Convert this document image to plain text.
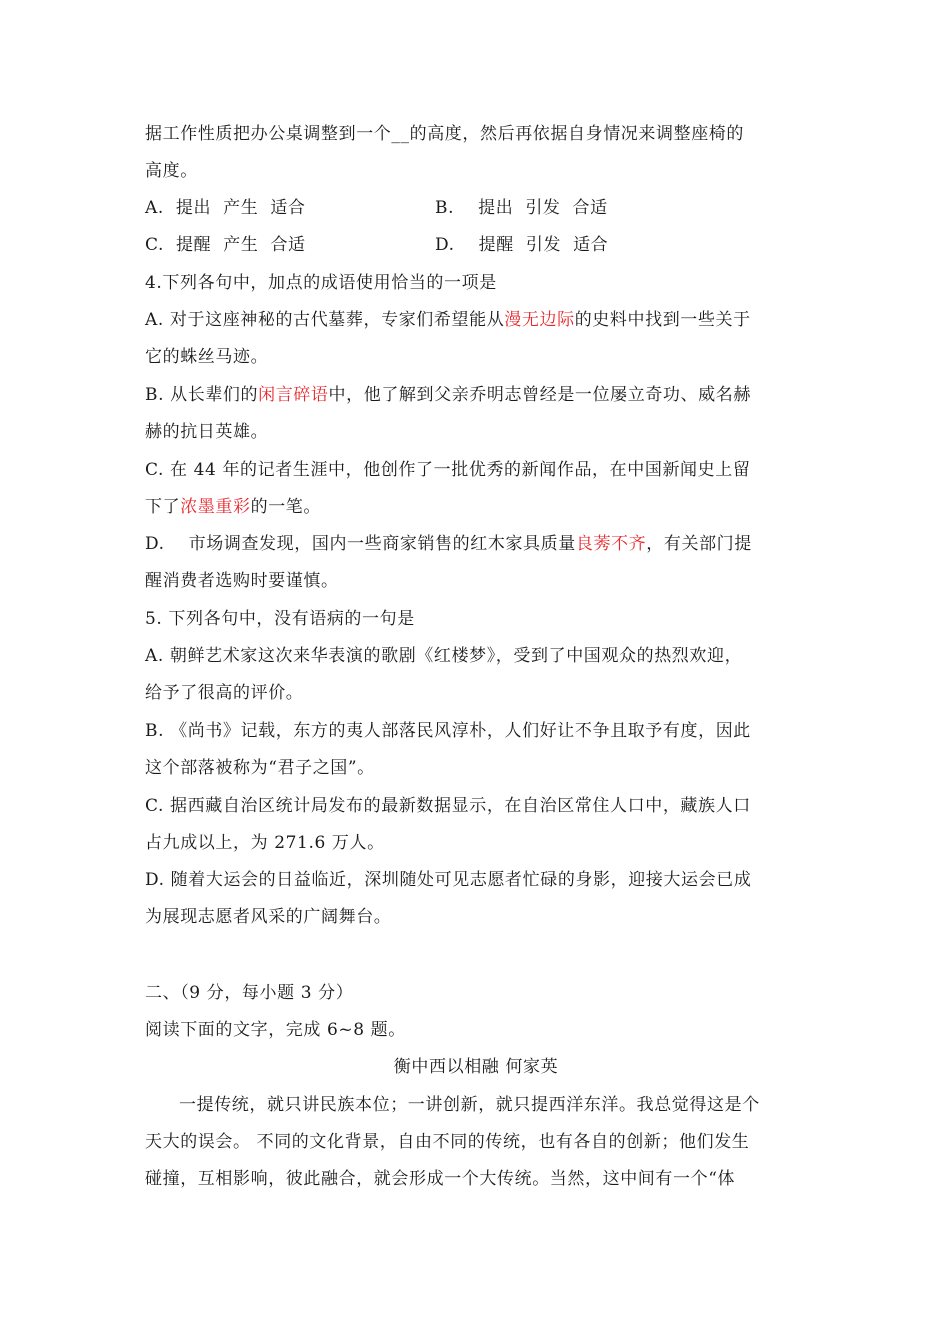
据工作性质把办公桌调整到一个__的高度，然后再依据自身情况来调整座椅的
高度。
A. 提出  产生  适合	B. 提出  引发  合适
C. 提醒  产生  合适	D. 提醒  引发  适合
4.下列各句中，加点的成语使用恰当的一项是
A. 对于这座神秘的古代墓葬，专家们希望能从漫无边际的史料中找到一些关于
它的蛛丝马迹。
B. 从长辈们的闲言碎语中，他了解到父亲乔明志曾经是一位屡立奇功、威名赫
赫的抗日英雄。
C. 在 44 年的记者生涯中，他创作了一批优秀的新闻作品，在中国新闻史上留
下了浓墨重彩的一笔。
D.    市场调查发现，国内一些商家销售的红木家具质量良莠不齐，有关部门提
醒消费者选购时要谨慎。
5. 下列各句中，没有语病的一句是
A. 朝鲜艺术家这次来华表演的歌剧《红楼梦》，受到了中国观众的热烈欢迎，
给予了很高的评价。
B. 《尚书》记载，东方的夷人部落民风淳朴，人们好让不争且取予有度，因此
这个部落被称为“君子之国”。
C. 据西藏自治区统计局发布的最新数据显示，在自治区常住人口中，藏族人口
占九成以上，为 271.6 万人。
D. 随着大运会的日益临近，深圳随处可见志愿者忙碌的身影，迎接大运会已成
为展现志愿者风采的广阔舞台。
二、（9 分，每小题 3 分）
阅读下面的文字，完成 6~8 题。
衡中西以相融 何家英
一提传统，就只讲民族本位；一讲创新，就只提西洋东洋。我总觉得这是个
天大的误会。 不同的文化背景，自由不同的传统，也有各自的创新；他们发生
碰撞，互相影响，彼此融合，就会形成一个大传统。当然，这中间有一个“体
